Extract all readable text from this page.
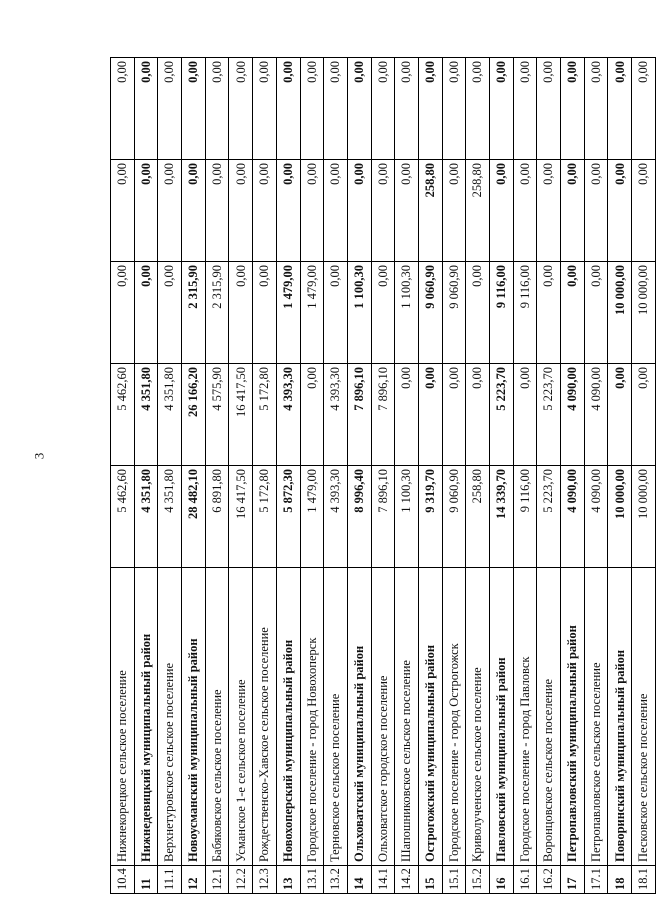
3
10.4	Нижнекорецкое сельское поселение	5 462,60	5 462,60	0,00	0,00	0,00
11	Нижнедевицкий муниципальный район	4 351,80	4 351,80	0,00	0,00	0,00
11.1	Верхнетуровское сельское поселение	4 351,80	4 351,80	0,00	0,00	0,00
12	Новоусманский муниципальный район	28 482,10	26 166,20	2 315,90	0,00	0,00
12.1	Бабяковское сельское поселение	6 891,80	4 575,90	2 315,90	0,00	0,00
12.2	Усманское 1-е сельское поселение	16 417,50	16 417,50	0,00	0,00	0,00
12.3	Рождественско-Хавское сельское поселение	5 172,80	5 172,80	0,00	0,00	0,00
13	Новохоперский муниципальный район	5 872,30	4 393,30	1 479,00	0,00	0,00
13.1	Городское поселение - город Новохоперск	1 479,00	0,00	1 479,00	0,00	0,00
13.2	Терновское сельское поселение	4 393,30	4 393,30	0,00	0,00	0,00
14	Ольховатский муниципальный район	8 996,40	7 896,10	1 100,30	0,00	0,00
14.1	Ольховатское городское поселение	7 896,10	7 896,10	0,00	0,00	0,00
14.2	Шапошниковское сельское поселение	1 100,30	0,00	1 100,30	0,00	0,00
15	Острогожский муниципальный район	9 319,70	0,00	9 060,90	258,80	0,00
15.1	Городское поселение - город Острогожск	9 060,90	0,00	9 060,90	0,00	0,00
15.2	Криволученское сельское поселение	258,80	0,00	0,00	258,80	0,00
16	Павловский муниципальный район	14 339,70	5 223,70	9 116,00	0,00	0,00
16.1	Городское поселение - город Павловск	9 116,00	0,00	9 116,00	0,00	0,00
16.2	Воронцовское сельское поселение	5 223,70	5 223,70	0,00	0,00	0,00
17	Петропавловский муниципальный район	4 090,00	4 090,00	0,00	0,00	0,00
17.1	Петропавловское сельское поселение	4 090,00	4 090,00	0,00	0,00	0,00
18	Поворинский муниципальный район	10 000,00	0,00	10 000,00	0,00	0,00
18.1	Песковское сельское поселение	10 000,00	0,00	10 000,00	0,00	0,00
